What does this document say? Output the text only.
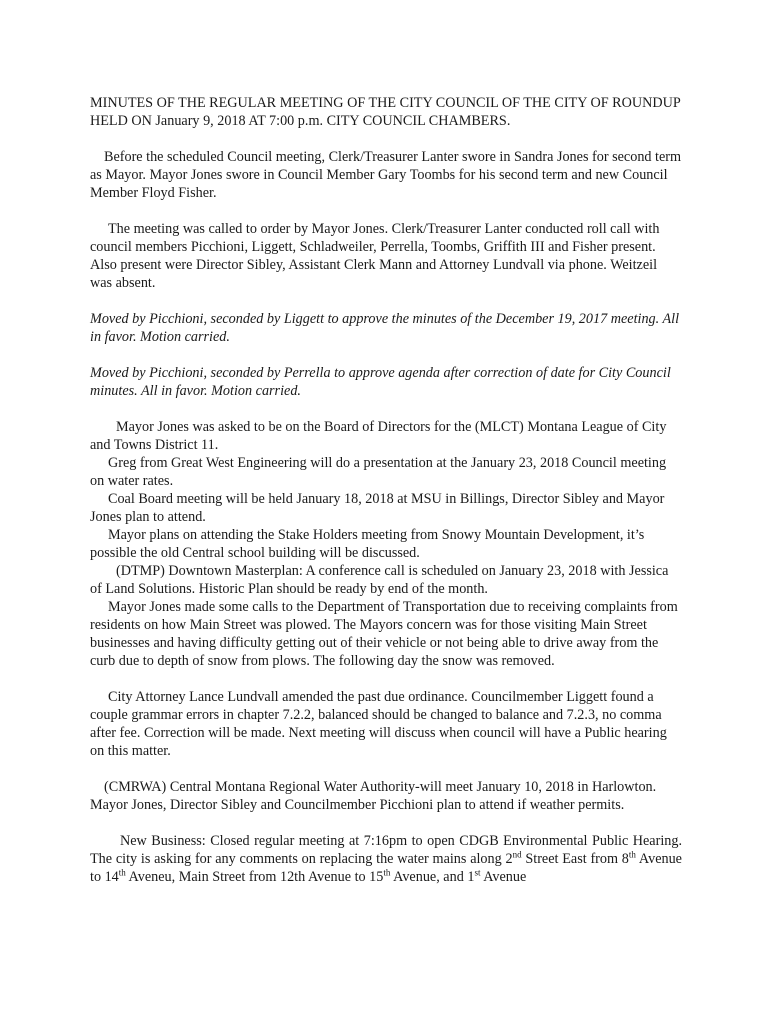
MINUTES OF THE REGULAR MEETING OF THE CITY COUNCIL OF THE CITY OF ROUNDUP HELD ON January 9, 2018 AT 7:00 p.m. CITY COUNCIL CHAMBERS.

Before the scheduled Council meeting, Clerk/Treasurer Lanter swore in Sandra Jones for second term as Mayor. Mayor Jones swore in Council Member Gary Toombs for his second term and new Council Member Floyd Fisher.

The meeting was called to order by Mayor Jones. Clerk/Treasurer Lanter conducted roll call with council members Picchioni, Liggett, Schladweiler, Perrella, Toombs, Griffith III and Fisher present. Also present were Director Sibley, Assistant Clerk Mann and Attorney Lundvall via phone. Weitzeil was absent.

Moved by Picchioni, seconded by Liggett to approve the minutes of the December 19, 2017 meeting. All in favor. Motion carried.

Moved by Picchioni, seconded by Perrella to approve agenda after correction of date for City Council minutes. All in favor. Motion carried.

Mayor Jones was asked to be on the Board of Directors for the (MLCT) Montana League of City and Towns District 11.

Greg from Great West Engineering will do a presentation at the January 23, 2018 Council meeting on water rates.

Coal Board meeting will be held January 18, 2018 at MSU in Billings, Director Sibley and Mayor Jones plan to attend.

Mayor plans on attending the Stake Holders meeting from Snowy Mountain Development, it’s possible the old Central school building will be discussed.

(DTMP) Downtown Masterplan: A conference call is scheduled on January 23, 2018 with Jessica of Land Solutions. Historic Plan should be ready by end of the month.

Mayor Jones made some calls to the Department of Transportation due to receiving complaints from residents on how Main Street was plowed. The Mayors concern was for those visiting Main Street businesses and having difficulty getting out of their vehicle or not being able to drive away from the curb due to depth of snow from plows. The following day the snow was removed.

City Attorney Lance Lundvall amended the past due ordinance. Councilmember Liggett found a couple grammar errors in chapter 7.2.2, balanced should be changed to balance and 7.2.3, no comma after fee. Correction will be made. Next meeting will discuss when council will have a Public hearing on this matter.

(CMRWA) Central Montana Regional Water Authority-will meet January 10, 2018 in Harlowton. Mayor Jones, Director Sibley and Councilmember Picchioni plan to attend if weather permits.

New Business: Closed regular meeting at 7:16pm to open CDGB Environmental Public Hearing. The city is asking for any comments on replacing the water mains along 2nd Street East from 8th Avenue to 14th Aveneu, Main Street from 12th Avenue to 15th Avenue, and 1st Avenue
